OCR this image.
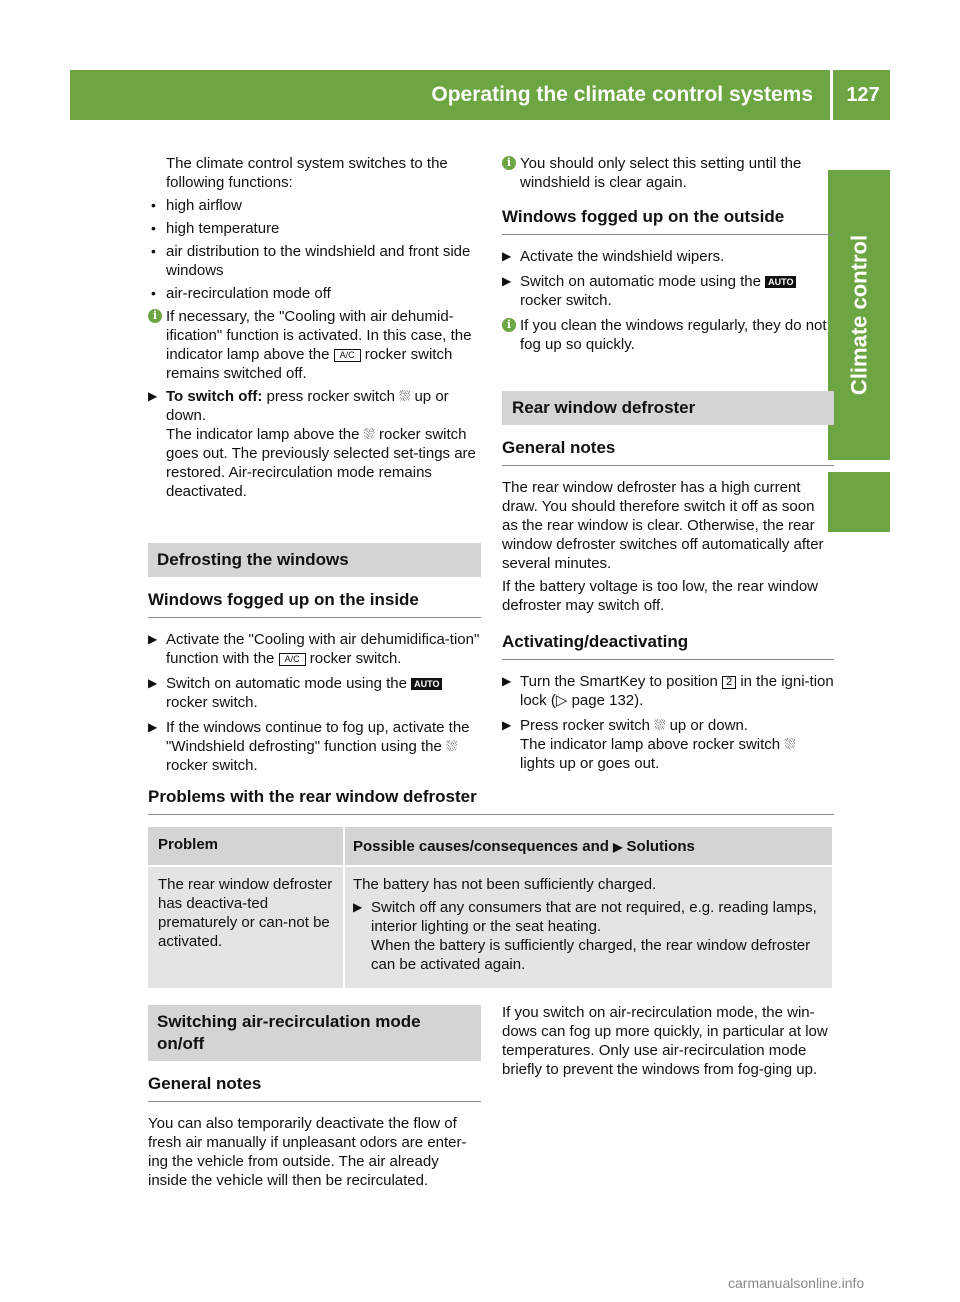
Operating the climate control systems	127
Climate control

The climate control system switches to the following functions:

• high airflow
• high temperature
• air distribution to the windshield and front side windows
• air-recirculation mode off
i If necessary, the "Cooling with air dehumid-ification" function is activated. In this case, the indicator lamp above the A/C rocker switch remains switched off.
▶ To switch off: press rocker switch ⛆ up or down.
The indicator lamp above the ⛆ rocker switch goes out. The previously selected set-tings are restored. Air-recirculation mode remains deactivated.
Defrosting the windows
Windows fogged up on the inside
▶ Activate the "Cooling with air dehumidifica-tion" function with the A/C rocker switch.
▶ Switch on automatic mode using the AUTO rocker switch.
▶ If the windows continue to fog up, activate the "Windshield defrosting" function using the ⛆ rocker switch.
i You should only select this setting until the windshield is clear again.
Windows fogged up on the outside
▶ Activate the windshield wipers.
▶ Switch on automatic mode using the AUTO rocker switch.
i If you clean the windows regularly, they do not fog up so quickly.
Rear window defroster
General notes

The rear window defroster has a high current draw. You should therefore switch it off as soon as the rear window is clear. Otherwise, the rear window defroster switches off automatically after several minutes.

If the battery voltage is too low, the rear window defroster may switch off.

Activating/deactivating
▶ Turn the SmartKey to position 2 in the igni-tion lock (▷ page 132).
▶ Press rocker switch ⛆ up or down.
The indicator lamp above rocker switch ⛆ lights up or goes out.
Problems with the rear window defroster
Problem	Possible causes/consequences and ▶ Solutions
The rear window defroster has deactiva-ted prematurely or can-not be activated.	The battery has not been sufficiently charged.

▶ Switch off any consumers that are not required, e.g. reading lamps, interior lighting or the seat heating.
When the battery is sufficiently charged, the rear window defroster can be activated again.
Switching air-recirculation mode on/off
General notes

You can also temporarily deactivate the flow of fresh air manually if unpleasant odors are enter-ing the vehicle from outside. The air already inside the vehicle will then be recirculated.

If you switch on air-recirculation mode, the win-dows can fog up more quickly, in particular at low temperatures. Only use air-recirculation mode briefly to prevent the windows from fog-ging up.

carmanualsonline.info
